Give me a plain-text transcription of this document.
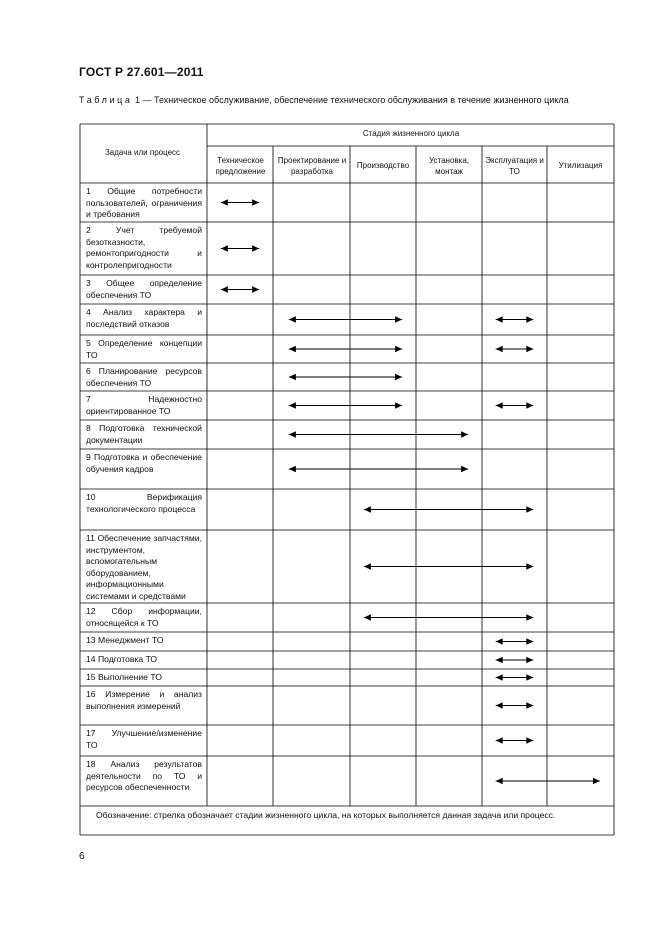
ГОСТ Р 27.601—2011
Таблица 1 — Техническое обслуживание, обеспечение технического обслуживания в течение жизненного цикла
Задача или процесс
Стадия жизненного цикла
Техническое предложение
Проектирование и разработка
Производство
Установка, монтаж
Эксплуатация и ТО
Утилизация
Обозначение: стрелка обозначает стадии жизненного цикла, на которых выполняется данная задача или процесс.
1 Общие потребности пользователей, ограничения и требования
2 Учет требуемой безотказности, ремонтопригодности и контролепригодности
3 Общее определение обеспечения ТО
4 Анализ характера и последствий отказов
5 Определение концепции ТО
6 Планирование ресурсов обеспечения ТО
7 Надежностно ориентированное ТО
8 Подготовка технической документации
9 Подготовка и обеспечение обучения кадров
10 Верификация технологического процесса
11 Обеспечение запчастями, инструментом, вспомогательным оборудованием, информационными системами и средствами
12 Сбор информации, относящейся к ТО
13 Менеджмент ТО
14 Подготовка ТО
15 Выполнение ТО
16 Измерение и анализ выполнения измерений
17 Улучшение/изменение ТО
18 Анализ результатов деятельности по ТО и ресурсов обеспеченности
6
